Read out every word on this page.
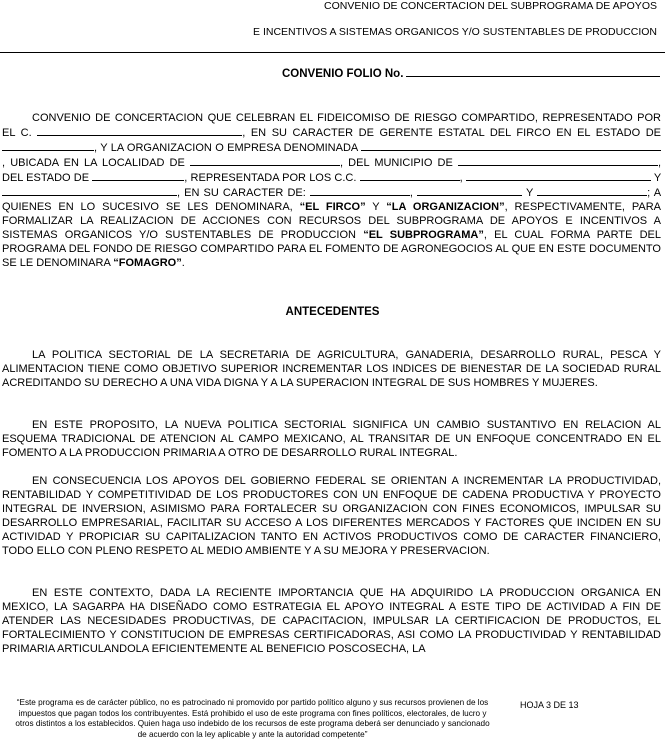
CONVENIO DE CONCERTACION DEL SUBPROGRAMA DE APOYOS
E INCENTIVOS A SISTEMAS ORGANICOS Y/O SUSTENTABLES DE PRODUCCION
CONVENIO FOLIO No.

CONVENIO DE CONCERTACION QUE CELEBRAN EL FIDEICOMISO DE RIESGO COMPARTIDO, REPRESENTADO POR EL C.	, EN SU CARACTER DE GERENTE ESTATAL DEL FIRCO EN EL ESTADO DE , Y LA ORGANIZACION O EMPRESA DENOMINADA , UBICADA EN LA LOCALIDAD DE	, DEL MUNICIPIO DE	, DEL ESTADO DE	, REPRESENTADA POR LOS C.C.	,	Y , EN SU CARACTER DE:	,	Y	; A QUIENES EN LO SUCESIVO SE LES DENOMINARA, “EL FIRCO” Y “LA ORGANIZACION”, RESPECTIVAMENTE, PARA FORMALIZAR LA REALIZACION DE ACCIONES CON RECURSOS DEL SUBPROGRAMA DE APOYOS E INCENTIVOS A SISTEMAS ORGANICOS Y/O SUSTENTABLES DE PRODUCCION “EL SUBPROGRAMA”, EL CUAL FORMA PARTE DEL PROGRAMA DEL FONDO DE RIESGO COMPARTIDO PARA EL FOMENTO DE AGRONEGOCIOS AL QUE EN ESTE DOCUMENTO SE LE DENOMINARA “FOMAGRO”.

ANTECEDENTES

LA POLITICA SECTORIAL DE LA SECRETARIA DE AGRICULTURA, GANADERIA, DESARROLLO RURAL, PESCA Y ALIMENTACION TIENE COMO OBJETIVO SUPERIOR INCREMENTAR LOS INDICES DE BIENESTAR DE LA SOCIEDAD RURAL ACREDITANDO SU DERECHO A UNA VIDA DIGNA Y A LA SUPERACION INTEGRAL DE SUS HOMBRES Y MUJERES.

EN ESTE PROPOSITO, LA NUEVA POLITICA SECTORIAL SIGNIFICA UN CAMBIO SUSTANTIVO EN RELACION AL ESQUEMA TRADICIONAL DE ATENCION AL CAMPO MEXICANO, AL TRANSITAR DE UN ENFOQUE CONCENTRADO EN EL FOMENTO A LA PRODUCCION PRIMARIA A OTRO DE DESARROLLO RURAL INTEGRAL.

EN CONSECUENCIA LOS APOYOS DEL GOBIERNO FEDERAL SE ORIENTAN A INCREMENTAR LA PRODUCTIVIDAD, RENTABILIDAD Y COMPETITIVIDAD DE LOS PRODUCTORES CON UN ENFOQUE DE CADENA PRODUCTIVA Y PROYECTO INTEGRAL DE INVERSION, ASIMISMO PARA FORTALECER SU ORGANIZACION CON FINES ECONOMICOS, IMPULSAR SU DESARROLLO EMPRESARIAL, FACILITAR SU ACCESO A LOS DIFERENTES MERCADOS Y FACTORES QUE INCIDEN EN SU ACTIVIDAD Y PROPICIAR SU CAPITALIZACION TANTO EN ACTIVOS PRODUCTIVOS COMO DE CARACTER FINANCIERO, TODO ELLO CON PLENO RESPETO AL MEDIO AMBIENTE Y A SU MEJORA Y PRESERVACION.

EN ESTE CONTEXTO, DADA LA RECIENTE IMPORTANCIA QUE HA ADQUIRIDO LA PRODUCCION ORGANICA EN MEXICO, LA SAGARPA HA DISEÑADO COMO ESTRATEGIA EL APOYO INTEGRAL A ESTE TIPO DE ACTIVIDAD A FIN DE ATENDER LAS NECESIDADES PRODUCTIVAS, DE CAPACITACION, IMPULSAR LA CERTIFICACION DE PRODUCTOS, EL FORTALECIMIENTO Y CONSTITUCION DE EMPRESAS CERTIFICADORAS, ASI COMO LA PRODUCTIVIDAD Y RENTABILIDAD PRIMARIA ARTICULANDOLA EFICIENTEMENTE AL BENEFICIO POSCOSECHA, LA

“Este programa es de carácter público, no es patrocinado ni promovido por partido político alguno y sus recursos provienen de los impuestos que pagan todos los contribuyentes. Está prohibido el uso de este programa con fines políticos, electorales, de lucro y otros distintos a los establecidos. Quien haga uso indebido de los recursos de este programa deberá ser denunciado y sancionado de acuerdo con la ley aplicable y ante la autoridad competente”
HOJA 3 DE 13
